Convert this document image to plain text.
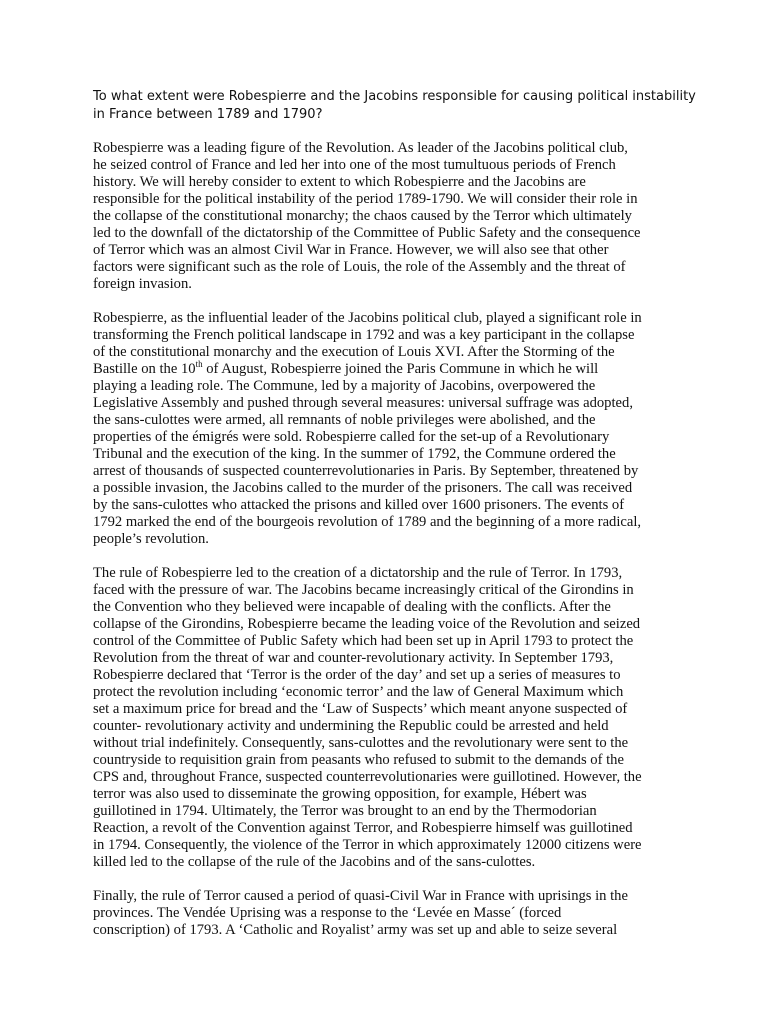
To what extent were Robespierre and the Jacobins responsible for causing political instability
in France between 1789 and 1790?

Robespierre was a leading figure of the Revolution. As leader of the Jacobins political club,
he seized control of France and led her into one of the most tumultuous periods of French
history. We will hereby consider to extent to which Robespierre and the Jacobins are
responsible for the political instability of the period 1789-1790. We will consider their role in
the collapse of the constitutional monarchy; the chaos caused by the Terror which ultimately
led to the downfall of the dictatorship of the Committee of Public Safety and the consequence
of Terror which was an almost Civil War in France. However, we will also see that other
factors were significant such as the role of Louis, the role of the Assembly and the threat of
foreign invasion.

Robespierre, as the influential leader of the Jacobins political club, played a significant role in
transforming the French political landscape in 1792 and was a key participant in the collapse
of the constitutional monarchy and the execution of Louis XVI. After the Storming of the
Bastille on the 10th of August, Robespierre joined the Paris Commune in which he will
playing a leading role. The Commune, led by a majority of Jacobins, overpowered the
Legislative Assembly and pushed through several measures: universal suffrage was adopted,
the sans-culottes were armed, all remnants of noble privileges were abolished, and the
properties of the émigrés were sold. Robespierre called for the set-up of a Revolutionary
Tribunal and the execution of the king. In the summer of 1792, the Commune ordered the
arrest of thousands of suspected counterrevolutionaries in Paris. By September, threatened by
a possible invasion, the Jacobins called to the murder of the prisoners. The call was received
by the sans-culottes who attacked the prisons and killed over 1600 prisoners. The events of
1792 marked the end of the bourgeois revolution of 1789 and the beginning of a more radical,
people’s revolution.

The rule of Robespierre led to the creation of a dictatorship and the rule of Terror. In 1793,
faced with the pressure of war. The Jacobins became increasingly critical of the Girondins in
the Convention who they believed were incapable of dealing with the conflicts. After the
collapse of the Girondins, Robespierre became the leading voice of the Revolution and seized
control of the Committee of Public Safety which had been set up in April 1793 to protect the
Revolution from the threat of war and counter-revolutionary activity. In September 1793,
Robespierre declared that ‘Terror is the order of the day’ and set up a series of measures to
protect the revolution including ‘economic terror’ and the law of General Maximum which
set a maximum price for bread and the ‘Law of Suspects’ which meant anyone suspected of
counter- revolutionary activity and undermining the Republic could be arrested and held
without trial indefinitely. Consequently, sans-culottes and the revolutionary were sent to the
countryside to requisition grain from peasants who refused to submit to the demands of the
CPS and, throughout France, suspected counterrevolutionaries were guillotined. However, the
terror was also used to disseminate the growing opposition, for example, Hébert was
guillotined in 1794. Ultimately, the Terror was brought to an end by the Thermodorian
Reaction, a revolt of the Convention against Terror, and Robespierre himself was guillotined
in 1794. Consequently, the violence of the Terror in which approximately 12000 citizens were
killed led to the collapse of the rule of the Jacobins and of the sans-culottes.

Finally, the rule of Terror caused a period of quasi-Civil War in France with uprisings in the
provinces. The Vendée Uprising was a response to the ‘Levée en Masse´ (forced
conscription) of 1793. A ‘Catholic and Royalist’ army was set up and able to seize several
